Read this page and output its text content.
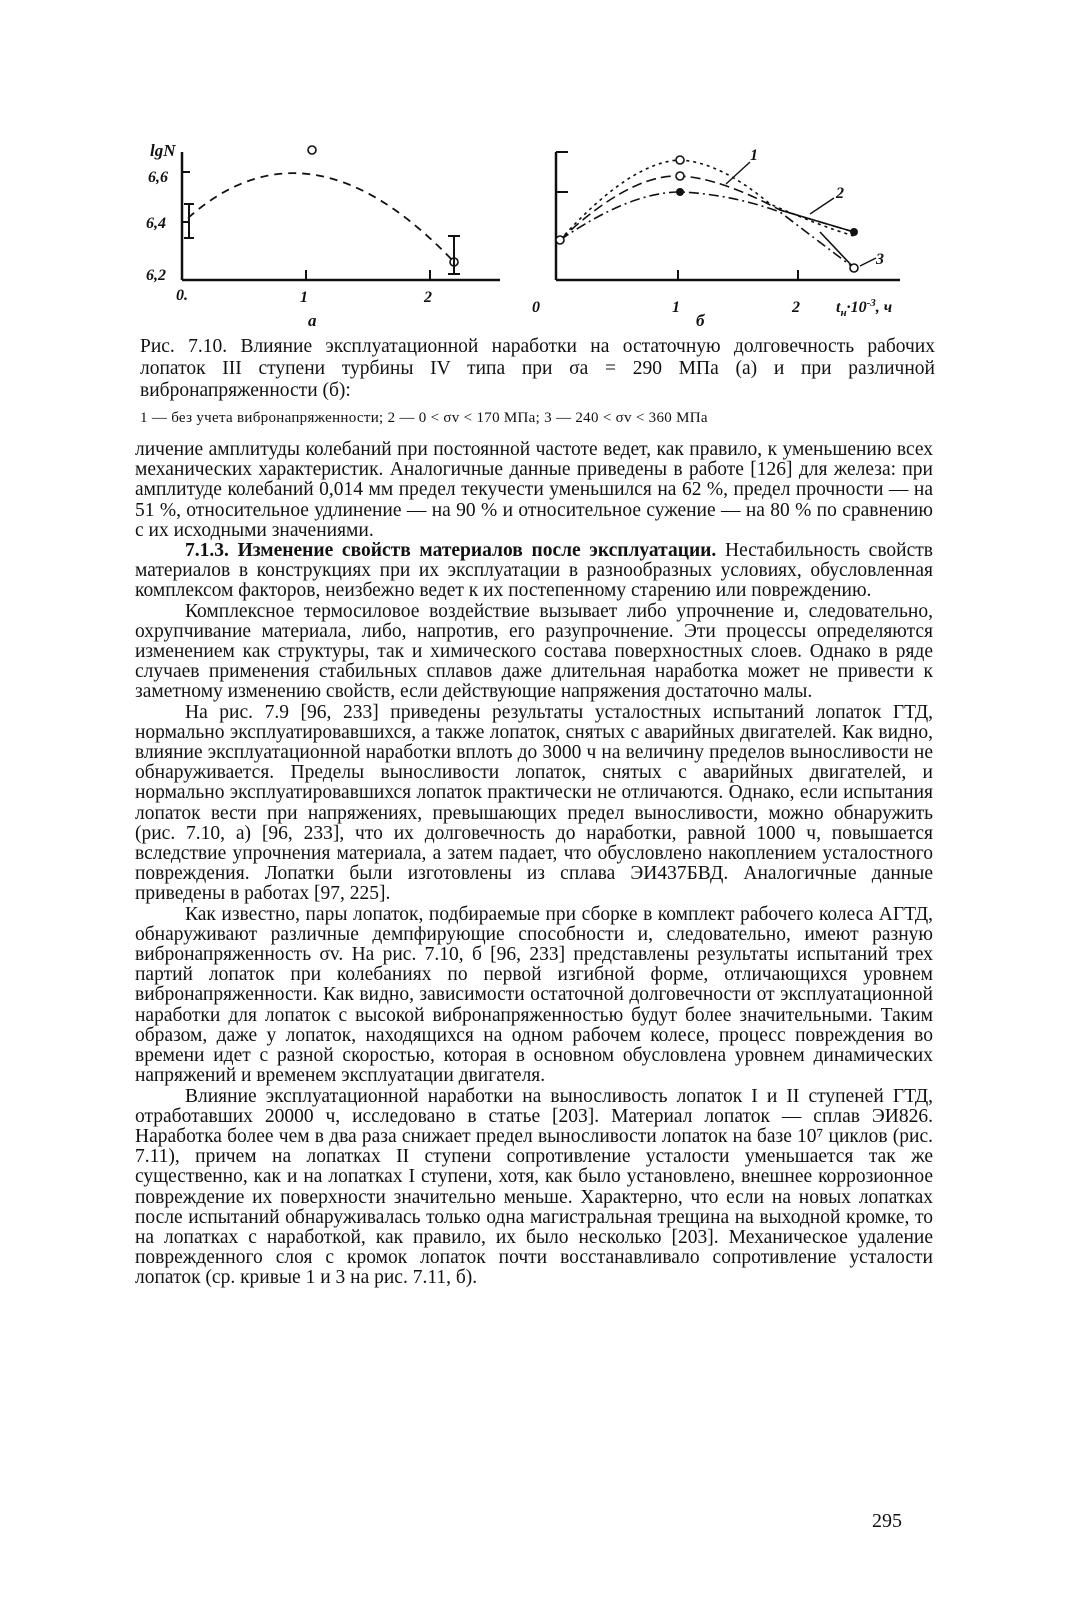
lgN
6,6
6,4
6,2
0.	1	2
а
0	1	2 $t_н\cdot 10^{-3}$, ч
б
1
2
3
Рис. 7.10. Влияние эксплуатационной наработки на остаточную долговечность рабочих лопаток III ступени турбины IV типа при σa = 290 МПа (а) и при различной вибронапряженности (б):
1 — без учета вибронапряженности; 2 — 0 < σv < 170 МПа; 3 — 240 < σv < 360 МПа

личение амплитуды колебаний при постоянной частоте ведет, как правило, к уменьшению всех механических характеристик. Аналогичные данные приведены в работе [126] для железа: при амплитуде колебаний 0,014 мм предел текучести уменьшился на 62 %, предел прочности — на 51 %, относительное удлинение — на 90 % и относительное сужение — на 80 % по сравнению с их исходными значениями.

7.1.3. Изменение свойств материалов после эксплуатации. Нестабильность свойств материалов в конструкциях при их эксплуатации в разнообразных условиях, обусловленная комплексом факторов, неизбежно ведет к их постепенному старению или повреждению.

Комплексное термосиловое воздействие вызывает либо упрочнение и, следовательно, охрупчивание материала, либо, напротив, его разупрочнение. Эти процессы определяются изменением как структуры, так и химического состава поверхностных слоев. Однако в ряде случаев применения стабильных сплавов даже длительная наработка может не привести к заметному изменению свойств, если действующие напряжения достаточно малы.

На рис. 7.9 [96, 233] приведены результаты усталостных испытаний лопаток ГТД, нормально эксплуатировавшихся, а также лопаток, снятых с аварийных двигателей. Как видно, влияние эксплуатационной наработки вплоть до 3000 ч на величину пределов выносливости не обнаруживается. Пределы выносливости лопаток, снятых с аварийных двигателей, и нормально эксплуатировавшихся лопаток практически не отличаются. Однако, если испытания лопаток вести при напряжениях, превышающих предел выносливости, можно обнаружить (рис. 7.10, а) [96, 233], что их долговечность до наработки, равной 1000 ч, повышается вследствие упрочнения материала, а затем падает, что обусловлено накоплением усталостного повреждения. Лопатки были изготовлены из сплава ЭИ437БВД. Аналогичные данные приведены в работах [97, 225].

Как известно, пары лопаток, подбираемые при сборке в комплект рабочего колеса АГТД, обнаруживают различные демпфирующие способности и, следовательно, имеют разную вибронапряженность σv. На рис. 7.10, б [96, 233] представлены результаты испытаний трех партий лопаток при колебаниях по первой изгибной форме, отличающихся уровнем вибронапряженности. Как видно, зависимости остаточной долговечности от эксплуатационной наработки для лопаток с высокой вибронапряженностью будут более значительными. Таким образом, даже у лопаток, находящихся на одном рабочем колесе, процесс повреждения во времени идет с разной скоростью, которая в основном обусловлена уровнем динамических напряжений и временем эксплуатации двигателя.

Влияние эксплуатационной наработки на выносливость лопаток I и II ступеней ГТД, отработавших 20000 ч, исследовано в статье [203]. Материал лопаток — сплав ЭИ826. Наработка более чем в два раза снижает предел выносливости лопаток на базе 10⁷ циклов (рис. 7.11), причем на лопатках II ступени сопротивление усталости уменьшается так же существенно, как и на лопатках I ступени, хотя, как было установлено, внешнее коррозионное повреждение их поверхности значительно меньше. Характерно, что если на новых лопатках после испытаний обнаруживалась только одна магистральная трещина на выходной кромке, то на лопатках с наработкой, как правило, их было несколько [203]. Механическое удаление поврежденного слоя с кромок лопаток почти восстанавливало сопротивление усталости лопаток (ср. кривые 1 и 3 на рис. 7.11, б).

295
